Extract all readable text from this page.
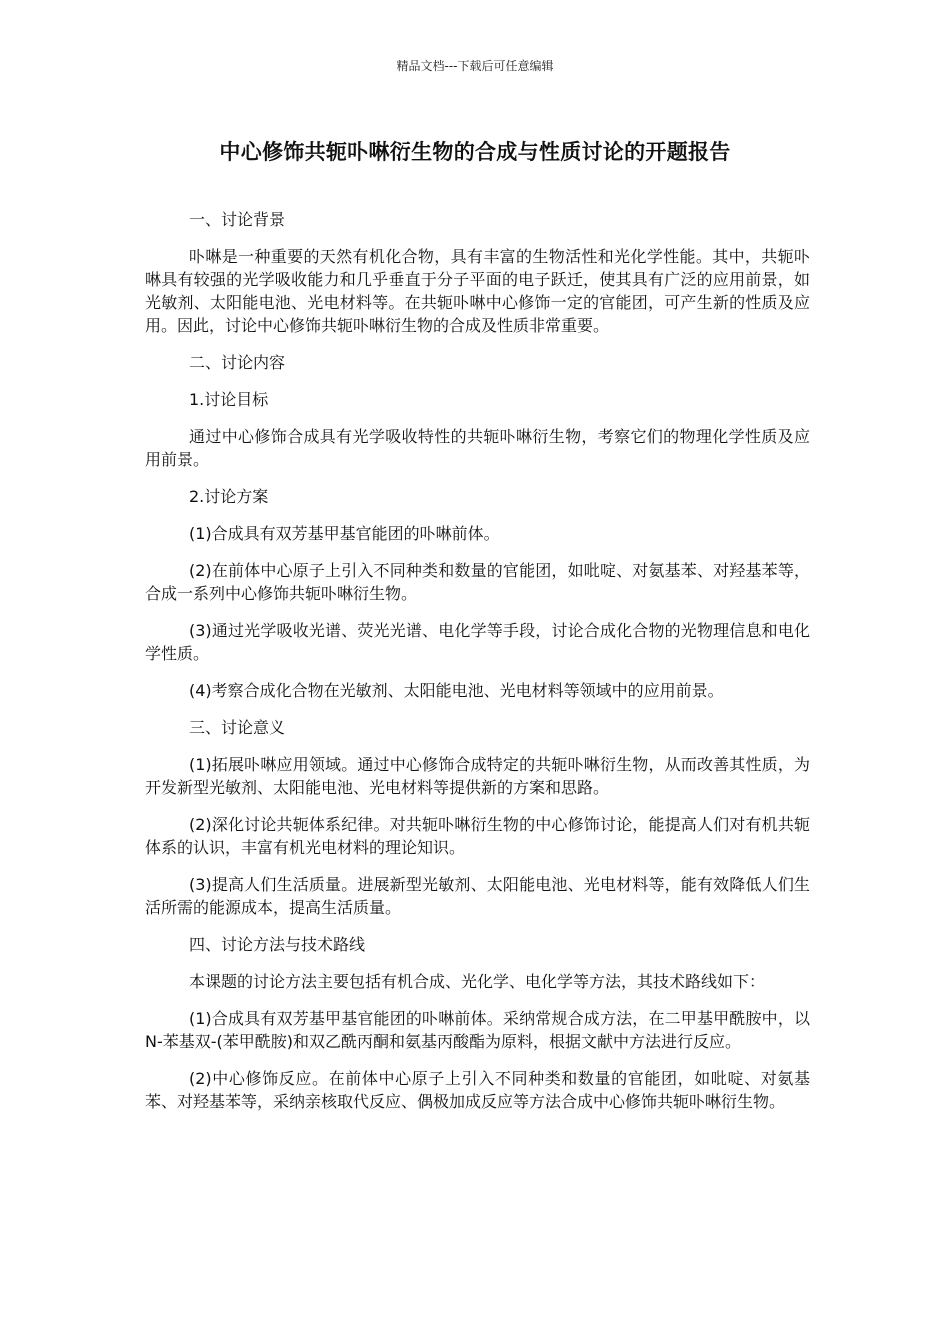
精品文档---下载后可任意编辑
中心修饰共轭卟啉衍生物的合成与性质讨论的开题报告

一、讨论背景

卟啉是一种重要的天然有机化合物，具有丰富的生物活性和光化学性能。其中，共轭卟啉具有较强的光学吸收能力和几乎垂直于分子平面的电子跃迁，使其具有广泛的应用前景，如光敏剂、太阳能电池、光电材料等。在共轭卟啉中心修饰一定的官能团，可产生新的性质及应用。因此，讨论中心修饰共轭卟啉衍生物的合成及性质非常重要。

二、讨论内容

1.讨论目标

通过中心修饰合成具有光学吸收特性的共轭卟啉衍生物，考察它们的物理化学性质及应用前景。

2.讨论方案

(1)合成具有双芳基甲基官能团的卟啉前体。

(2)在前体中心原子上引入不同种类和数量的官能团，如吡啶、对氨基苯、对羟基苯等，合成一系列中心修饰共轭卟啉衍生物。

(3)通过光学吸收光谱、荧光光谱、电化学等手段，讨论合成化合物的光物理信息和电化学性质。

(4)考察合成化合物在光敏剂、太阳能电池、光电材料等领域中的应用前景。

三、讨论意义

(1)拓展卟啉应用领域。通过中心修饰合成特定的共轭卟啉衍生物，从而改善其性质，为开发新型光敏剂、太阳能电池、光电材料等提供新的方案和思路。

(2)深化讨论共轭体系纪律。对共轭卟啉衍生物的中心修饰讨论，能提高人们对有机共轭体系的认识，丰富有机光电材料的理论知识。

(3)提高人们生活质量。进展新型光敏剂、太阳能电池、光电材料等，能有效降低人们生活所需的能源成本，提高生活质量。

四、讨论方法与技术路线

本课题的讨论方法主要包括有机合成、光化学、电化学等方法，其技术路线如下：

(1)合成具有双芳基甲基官能团的卟啉前体。采纳常规合成方法，在二甲基甲酰胺中，以N-苯基双-(苯甲酰胺)和双乙酰丙酮和氨基丙酸酯为原料，根据文献中方法进行反应。

(2)中心修饰反应。在前体中心原子上引入不同种类和数量的官能团，如吡啶、对氨基苯、对羟基苯等，采纳亲核取代反应、偶极加成反应等方法合成中心修饰共轭卟啉衍生物。
